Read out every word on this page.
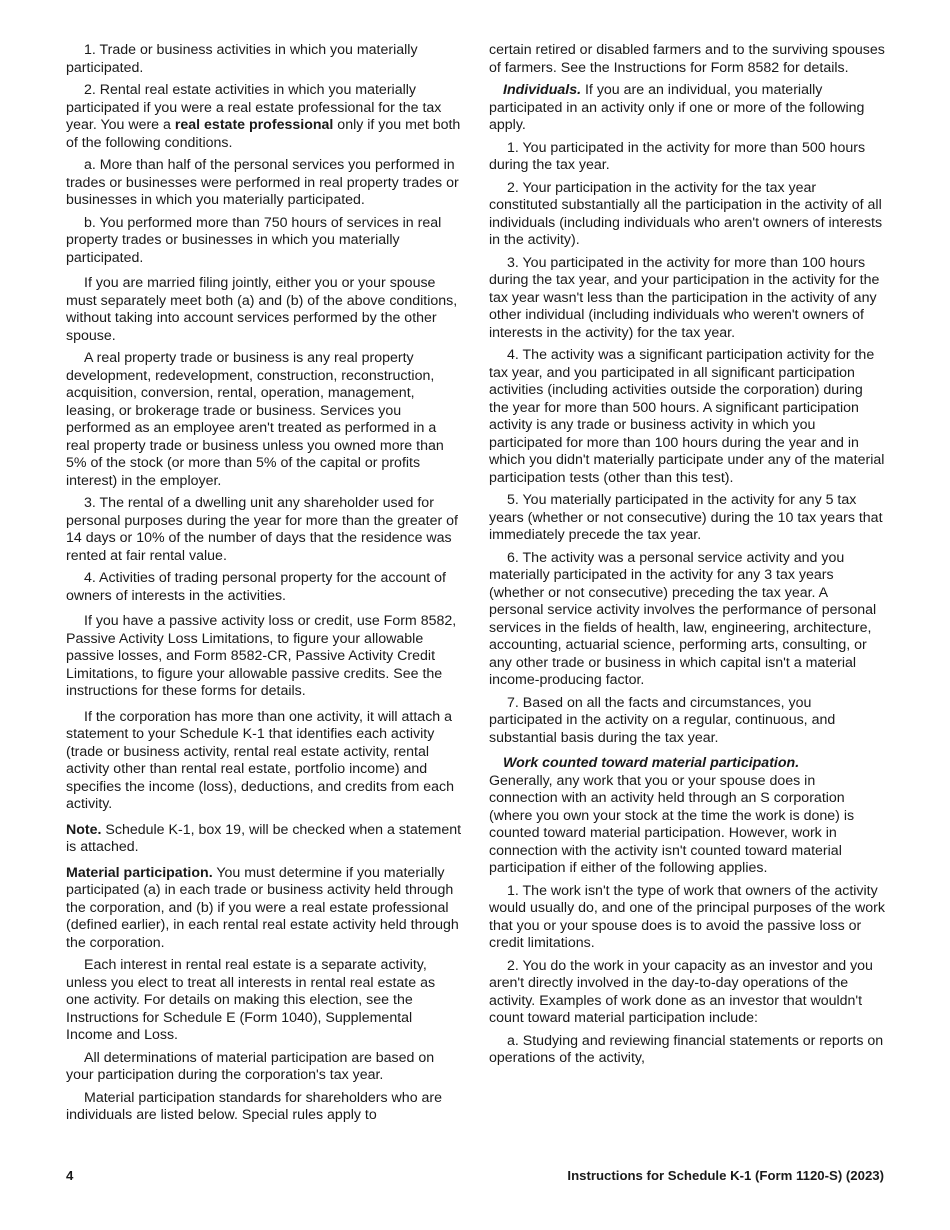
1. Trade or business activities in which you materially participated.

2. Rental real estate activities in which you materially participated if you were a real estate professional for the tax year. You were a real estate professional only if you met both of the following conditions.

a. More than half of the personal services you performed in trades or businesses were performed in real property trades or businesses in which you materially participated.

b. You performed more than 750 hours of services in real property trades or businesses in which you materially participated.

If you are married filing jointly, either you or your spouse must separately meet both (a) and (b) of the above conditions, without taking into account services performed by the other spouse.

A real property trade or business is any real property development, redevelopment, construction, reconstruction, acquisition, conversion, rental, operation, management, leasing, or brokerage trade or business. Services you performed as an employee aren't treated as performed in a real property trade or business unless you owned more than 5% of the stock (or more than 5% of the capital or profits interest) in the employer.

3. The rental of a dwelling unit any shareholder used for personal purposes during the year for more than the greater of 14 days or 10% of the number of days that the residence was rented at fair rental value.

4. Activities of trading personal property for the account of owners of interests in the activities.

If you have a passive activity loss or credit, use Form 8582, Passive Activity Loss Limitations, to figure your allowable passive losses, and Form 8582-CR, Passive Activity Credit Limitations, to figure your allowable passive credits. See the instructions for these forms for details.

If the corporation has more than one activity, it will attach a statement to your Schedule K-1 that identifies each activity (trade or business activity, rental real estate activity, rental activity other than rental real estate, portfolio income) and specifies the income (loss), deductions, and credits from each activity.

Note. Schedule K-1, box 19, will be checked when a statement is attached.

Material participation. You must determine if you materially participated (a) in each trade or business activity held through the corporation, and (b) if you were a real estate professional (defined earlier), in each rental real estate activity held through the corporation.

Each interest in rental real estate is a separate activity, unless you elect to treat all interests in rental real estate as one activity. For details on making this election, see the Instructions for Schedule E (Form 1040), Supplemental Income and Loss.

All determinations of material participation are based on your participation during the corporation's tax year.

Material participation standards for shareholders who are individuals are listed below. Special rules apply to

certain retired or disabled farmers and to the surviving spouses of farmers. See the Instructions for Form 8582 for details.

Individuals. If you are an individual, you materially participated in an activity only if one or more of the following apply.

1. You participated in the activity for more than 500 hours during the tax year.

2. Your participation in the activity for the tax year constituted substantially all the participation in the activity of all individuals (including individuals who aren't owners of interests in the activity).

3. You participated in the activity for more than 100 hours during the tax year, and your participation in the activity for the tax year wasn't less than the participation in the activity of any other individual (including individuals who weren't owners of interests in the activity) for the tax year.

4. The activity was a significant participation activity for the tax year, and you participated in all significant participation activities (including activities outside the corporation) during the year for more than 500 hours. A significant participation activity is any trade or business activity in which you participated for more than 100 hours during the year and in which you didn't materially participate under any of the material participation tests (other than this test).

5. You materially participated in the activity for any 5 tax years (whether or not consecutive) during the 10 tax years that immediately precede the tax year.

6. The activity was a personal service activity and you materially participated in the activity for any 3 tax years (whether or not consecutive) preceding the tax year. A personal service activity involves the performance of personal services in the fields of health, law, engineering, architecture, accounting, actuarial science, performing arts, consulting, or any other trade or business in which capital isn't a material income-producing factor.

7. Based on all the facts and circumstances, you participated in the activity on a regular, continuous, and substantial basis during the tax year.

Work counted toward material participation.
Generally, any work that you or your spouse does in connection with an activity held through an S corporation (where you own your stock at the time the work is done) is counted toward material participation. However, work in connection with the activity isn't counted toward material participation if either of the following applies.

1. The work isn't the type of work that owners of the activity would usually do, and one of the principal purposes of the work that you or your spouse does is to avoid the passive loss or credit limitations.

2. You do the work in your capacity as an investor and you aren't directly involved in the day-to-day operations of the activity. Examples of work done as an investor that wouldn't count toward material participation include:

a. Studying and reviewing financial statements or reports on operations of the activity,

4	Instructions for Schedule K-1 (Form 1120-S) (2023)
